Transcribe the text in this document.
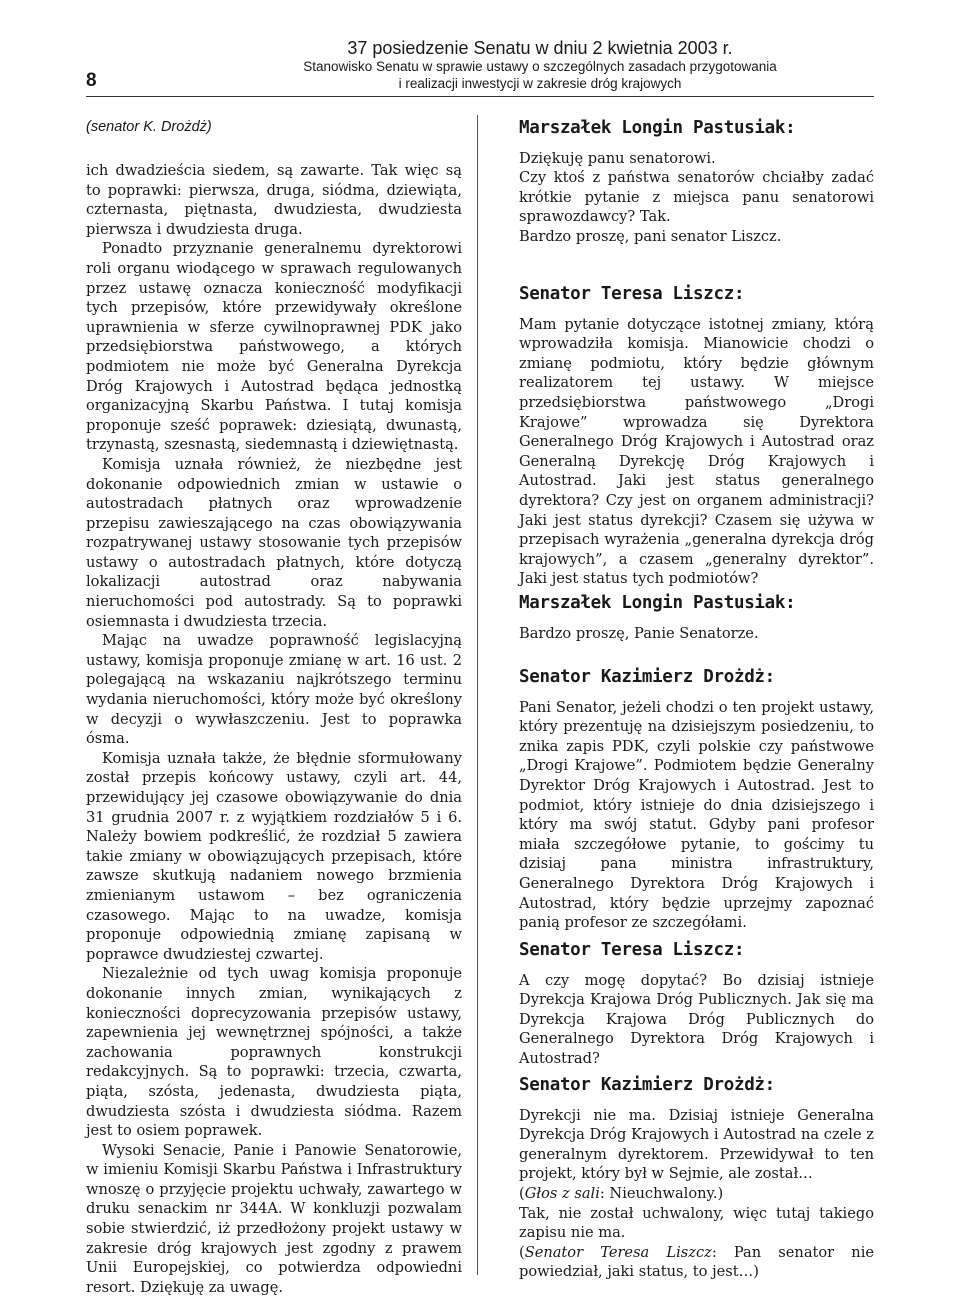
8
37 posiedzenie Senatu w dniu 2 kwietnia 2003 r.
Stanowisko Senatu w sprawie ustawy o szczególnych zasadach przygotowania
i realizacji inwestycji w zakresie dróg krajowych
(senator K. Drożdż)

ich dwadzieścia siedem, są zawarte. Tak więc są to poprawki: pierwsza, druga, siódma, dziewiąta, czternasta, piętnasta, dwudziesta, dwudziesta pierwsza i dwudziesta druga.

Ponadto przyznanie generalnemu dyrektorowi roli organu wiodącego w sprawach regulowanych przez ustawę oznacza konieczność modyfikacji tych przepisów, które przewidywały określone uprawnienia w sferze cywilnoprawnej PDK jako przedsiębiorstwa państwowego, a których podmiotem nie może być Generalna Dyrekcja Dróg Krajowych i Autostrad będąca jednostką organizacyjną Skarbu Państwa. I tutaj komisja proponuje sześć poprawek: dziesiątą, dwunastą, trzynastą, szesnastą, siedemnastą i dziewiętnastą.

Komisja uznała również, że niezbędne jest dokonanie odpowiednich zmian w ustawie o autostradach płatnych oraz wprowadzenie przepisu zawieszającego na czas obowiązywania rozpatrywanej ustawy stosowanie tych przepisów ustawy o autostradach płatnych, które dotyczą lokalizacji autostrad oraz nabywania nieruchomości pod autostrady. Są to poprawki osiemnasta i dwudziesta trzecia.

Mając na uwadze poprawność legislacyjną ustawy, komisja proponuje zmianę w art. 16 ust. 2 polegającą na wskazaniu najkrótszego terminu wydania nieruchomości, który może być określony w decyzji o wywłaszczeniu. Jest to poprawka ósma.

Komisja uznała także, że błędnie sformułowany został przepis końcowy ustawy, czyli art. 44, przewidujący jej czasowe obowiązywanie do dnia 31 grudnia 2007 r. z wyjątkiem rozdziałów 5 i 6. Należy bowiem podkreślić, że rozdział 5 zawiera takie zmiany w obowiązujących przepisach, które zawsze skutkują nadaniem nowego brzmienia zmienianym ustawom – bez ograniczenia czasowego. Mając to na uwadze, komisja proponuje odpowiednią zmianę zapisaną w poprawce dwudziestej czwartej.

Niezależnie od tych uwag komisja proponuje dokonanie innych zmian, wynikających z konieczności doprecyzowania przepisów ustawy, zapewnienia jej wewnętrznej spójności, a także zachowania poprawnych konstrukcji redakcyjnych. Są to poprawki: trzecia, czwarta, piąta, szósta, jedenasta, dwudziesta piąta, dwudziesta szósta i dwudziesta siódma. Razem jest to osiem poprawek.

Wysoki Senacie, Panie i Panowie Senatorowie, w imieniu Komisji Skarbu Państwa i Infrastruktury wnoszę o przyjęcie projektu uchwały, zawartego w druku senackim nr 344A. W konkluzji pozwalam sobie stwierdzić, iż przedłożony projekt ustawy w zakresie dróg krajowych jest zgodny z prawem Unii Europejskiej, co potwierdza odpowiedni resort. Dziękuję za uwagę.

Marszałek Longin Pastusiak:

Dziękuję panu senatorowi.

Czy ktoś z państwa senatorów chciałby zadać krótkie pytanie z miejsca panu senatorowi sprawozdawcy? Tak.

Bardzo proszę, pani senator Liszcz.

Senator Teresa Liszcz:

Mam pytanie dotyczące istotnej zmiany, którą wprowadziła komisja. Mianowicie chodzi o zmianę podmiotu, który będzie głównym realizatorem tej ustawy. W miejsce przedsiębiorstwa państwowego „Drogi Krajowe” wprowadza się Dyrektora Generalnego Dróg Krajowych i Autostrad oraz Generalną Dyrekcję Dróg Krajowych i Autostrad. Jaki jest status generalnego dyrektora? Czy jest on organem administracji? Jaki jest status dyrekcji? Czasem się używa w przepisach wyrażenia „generalna dyrekcja dróg krajowych”, a czasem „generalny dyrektor”. Jaki jest status tych podmiotów?

Marszałek Longin Pastusiak:

Bardzo proszę, Panie Senatorze.

Senator Kazimierz Drożdż:

Pani Senator, jeżeli chodzi o ten projekt ustawy, który prezentuję na dzisiejszym posiedzeniu, to znika zapis PDK, czyli polskie czy państwowe „Drogi Krajowe”. Podmiotem będzie Generalny Dyrektor Dróg Krajowych i Autostrad. Jest to podmiot, który istnieje do dnia dzisiejszego i który ma swój statut. Gdyby pani profesor miała szczegółowe pytanie, to gościmy tu dzisiaj pana ministra infrastruktury, Generalnego Dyrektora Dróg Krajowych i Autostrad, który będzie uprzejmy zapoznać panią profesor ze szczegółami.

Senator Teresa Liszcz:

A czy mogę dopytać? Bo dzisiaj istnieje Dyrekcja Krajowa Dróg Publicznych. Jak się ma Dyrekcja Krajowa Dróg Publicznych do Generalnego Dyrektora Dróg Krajowych i Autostrad?

Senator Kazimierz Drożdż:

Dyrekcji nie ma. Dzisiaj istnieje Generalna Dyrekcja Dróg Krajowych i Autostrad na czele z generalnym dyrektorem. Przewidywał to ten projekt, który był w Sejmie, ale został…

(Głos z sali: Nieuchwalony.)

Tak, nie został uchwalony, więc tutaj takiego zapisu nie ma.

(Senator Teresa Liszcz: Pan senator nie powiedział, jaki status, to jest…)
